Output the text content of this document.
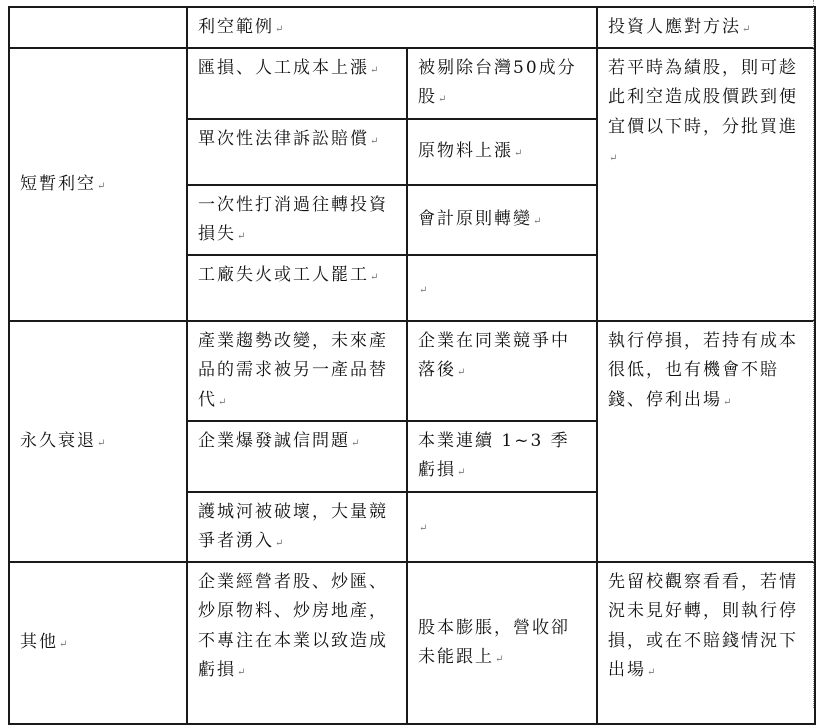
	利空範例↵		投資人應對方法↵
短暫利空↵	匯損、人工成本上漲↵	被剔除台灣50成分股↵	若平時為績股，則可趁此利空造成股價跌到便宜價以下時，分批買進↵
	單次性法律訴訟賠償↵	原物料上漲↵	
	一次性打消過往轉投資損失↵	會計原則轉變↵	
	工廠失火或工人罷工↵	↵	
永久衰退↵	產業趨勢改變，未來產品的需求被另一產品替代↵	企業在同業競爭中落後↵	執行停損，若持有成本很低，也有機會不賠錢、停利出場↵
	企業爆發誠信問題↵	本業連續 1~3 季虧損↵	
	護城河被破壞，大量競爭者湧入↵	↵	
其他↵	企業經營者股、炒匯、炒原物料、炒房地產，不專注在本業以致造成虧損↵	股本膨脹，營收卻未能跟上↵	先留校觀察看看，若情況未見好轉，則執行停損，或在不賠錢情況下出場↵
